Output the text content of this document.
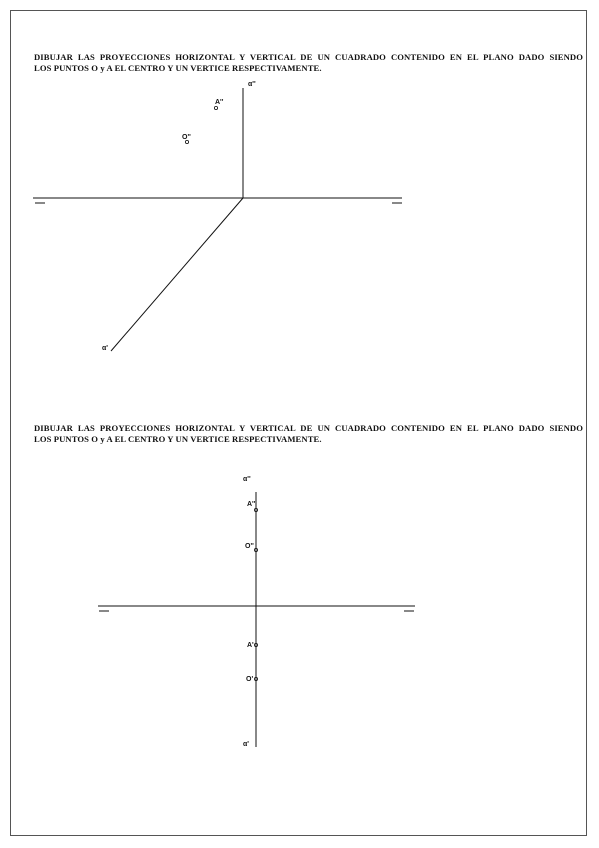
DIBUJAR LAS PROYECCIONES HORIZONTAL Y VERTICAL DE UN CUADRADO CONTENIDO EN EL PLANO DADO SIENDO
LOS PUNTOS O y A EL CENTRO Y UN VERTICE RESPECTIVAMENTE.
DIBUJAR LAS PROYECCIONES HORIZONTAL Y VERTICAL DE UN CUADRADO CONTENIDO EN EL PLANO DADO SIENDO
LOS PUNTOS O y A EL CENTRO Y UN VERTICE RESPECTIVAMENTE.
α''
A''
O''
α'
α''
A''
O''
A'
O'
α'
